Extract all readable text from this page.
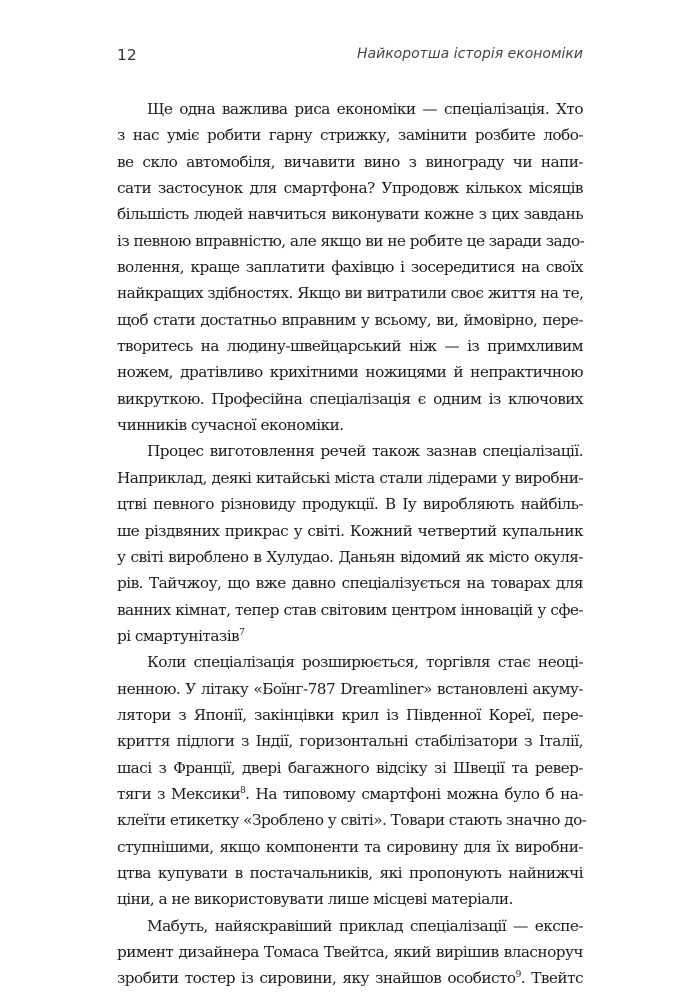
12	Найкоротша історія економіки
Ще одна важлива риса економіки — спеціалізація. Хто
з нас уміє робити гарну стрижку, замінити розбите лобо-
ве скло автомобіля, вичавити вино з винограду чи напи-
сати застосунок для смартфона? Упродовж кількох місяців
більшість людей навчиться виконувати кожне з цих завдань
із певною вправністю, але якщо ви не робите це заради задо-
волення, краще заплатити фахівцю і зосередитися на своїх
найкращих здібностях. Якщо ви витратили своє життя на те,
щоб стати достатньо вправним у всьому, ви, ймовірно, пере-
творитесь на людину-швейцарський ніж — із примхливим
ножем, дратівливо крихітними ножицями й непрактичною
викруткою. Професійна спеціалізація є одним із ключових
чинників сучасної економіки.
Процес виготовлення речей також зазнав спеціалізації.
Наприклад, деякі китайські міста стали лідерами у виробни-
цтві певного різновиду продукції. В Іу виробляють найбіль-
ше різдвяних прикрас у світі. Кожний четвертий купальник
у світі вироблено в Хулудао. Даньян відомий як місто окуля-
рів. Тайчжоу, що вже давно спеціалізується на товарах для
ванних кімнат, тепер став світовим центром інновацій у сфе-
рі смартунітазів$^7$
Коли спеціалізація розширюється, торгівля стає неоці-
ненною. У літаку «Боїнг-787 Dreamliner» встановлені акуму-
лятори з Японії, закінцівки крил із Південної Кореї, пере-
криття підлоги з Індії, горизонтальні стабілізатори з Італії,
шасі з Франції, двері багажного відсіку зі Швеції та ревер-
тяги з Мексики$^8$. На типовому смартфоні можна було б на-
клеїти етикетку «Зроблено у світі». Товари стають значно до-
ступнішими, якщо компоненти та сировину для їх виробни-
цтва купувати в постачальників, які пропонують найнижчі
ціни, а не використовувати лише місцеві матеріали.
Мабуть, найяскравіший приклад спеціалізації — експе-
римент дизайнера Томаса Твейтса, який вирішив власноруч
зробити тостер із сировини, яку знайшов особисто$^9$. Твейтс
